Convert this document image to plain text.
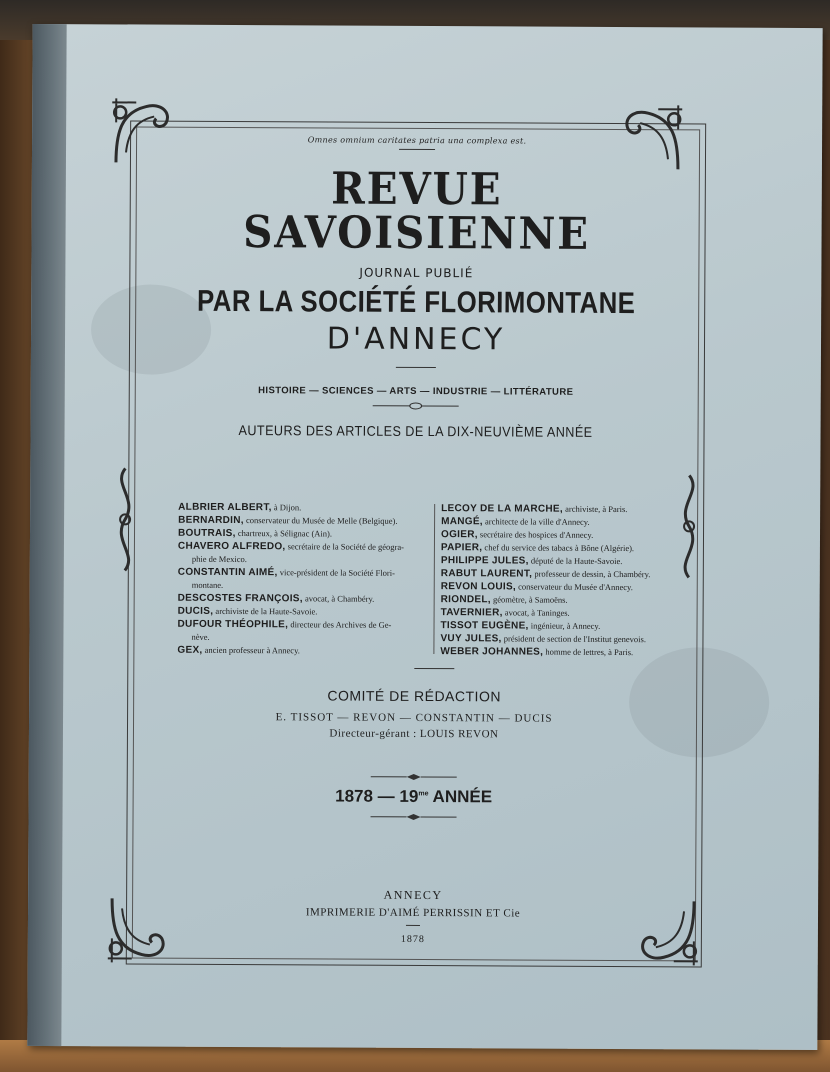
Omnes omnium caritates patria una complexa est.
REVUE SAVOISIENNE
JOURNAL PUBLIÉ
PAR LA SOCIÉTÉ FLORIMONTANE
D'ANNECY
HISTOIRE — SCIENCES — ARTS — INDUSTRIE — LITTÉRATURE
AUTEURS DES ARTICLES DE LA DIX-NEUVIÈME ANNÉE
ALBRIER ALBERT, à Dijon.
BERNARDIN, conservateur du Musée de Melle (Belgique).
BOUTRAIS, chartreux, à Sélignac (Ain).
CHAVERO ALFREDO, secrétaire de la Société de géogra-
phie de Mexico.
CONSTANTIN AIMÉ, vice-président de la Société Flori-
montane.
DESCOSTES FRANÇOIS, avocat, à Chambéry.
DUCIS, archiviste de la Haute-Savoie.
DUFOUR THÉOPHILE, directeur des Archives de Ge-
nève.
GEX, ancien professeur à Annecy.
LECOY DE LA MARCHE, archiviste, à Paris.
MANGÉ, architecte de la ville d'Annecy.
OGIER, secrétaire des hospices d'Annecy.
PAPIER, chef du service des tabacs à Bône (Algérie).
PHILIPPE JULES, député de la Haute-Savoie.
RABUT LAURENT, professeur de dessin, à Chambéry.
REVON LOUIS, conservateur du Musée d'Annecy.
RIONDEL, géomètre, à Samoëns.
TAVERNIER, avocat, à Taninges.
TISSOT EUGÈNE, ingénieur, à Annecy.
VUY JULES, président de section de l'Institut genevois.
WEBER JOHANNES, homme de lettres, à Paris.
COMITÉ DE RÉDACTION
E. TISSOT — REVON — CONSTANTIN — DUCIS
Directeur-gérant : LOUIS REVON
1878 — $19^{me}$ ANNÉE
ANNECY
IMPRIMERIE D'AIMÉ PERRISSIN ET Cie
1878
